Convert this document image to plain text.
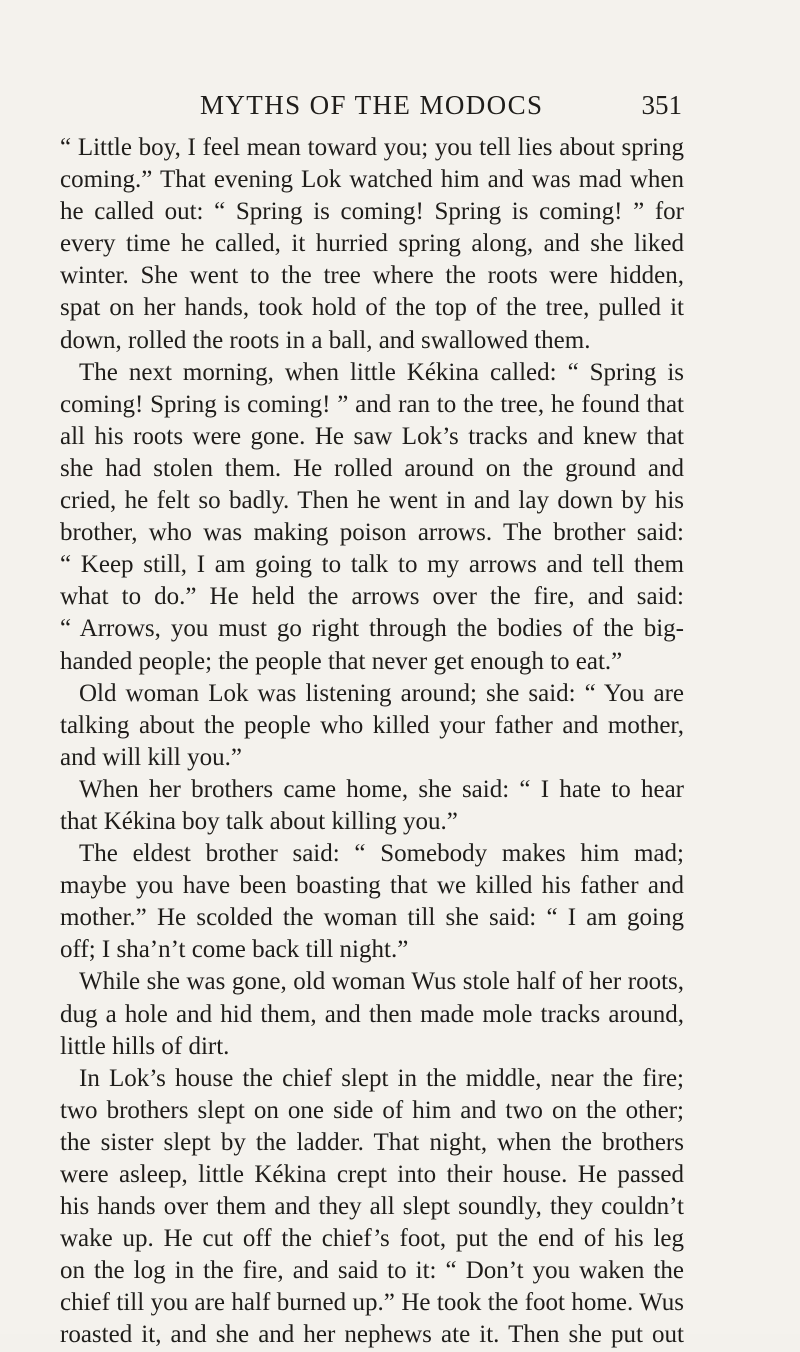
MYTHS OF THE MODOCS	351
“ Little boy, I feel mean toward you; you tell lies about spring
coming.” That evening Lok watched him and was mad when
he called out: “ Spring is coming! Spring is coming! ” for
every time he called, it hurried spring along, and she liked
winter. She went to the tree where the roots were hidden,
spat on her hands, took hold of the top of the tree, pulled it
down, rolled the roots in a ball, and swallowed them.
The next morning, when little Kékina called: “ Spring is
coming! Spring is coming! ” and ran to the tree, he found that
all his roots were gone. He saw Lok’s tracks and knew that
she had stolen them. He rolled around on the ground and
cried, he felt so badly. Then he went in and lay down by his
brother, who was making poison arrows. The brother said:
“ Keep still, I am going to talk to my arrows and tell them
what to do.” He held the arrows over the fire, and said:
“ Arrows, you must go right through the bodies of the big-
handed people; the people that never get enough to eat.”
Old woman Lok was listening around; she said: “ You are
talking about the people who killed your father and mother,
and will kill you.”
When her brothers came home, she said: “ I hate to hear
that Kékina boy talk about killing you.”
The eldest brother said: “ Somebody makes him mad;
maybe you have been boasting that we killed his father and
mother.” He scolded the woman till she said: “ I am going
off; I sha’n’t come back till night.”
While she was gone, old woman Wus stole half of her roots,
dug a hole and hid them, and then made mole tracks around,
little hills of dirt.
In Lok’s house the chief slept in the middle, near the fire;
two brothers slept on one side of him and two on the other;
the sister slept by the ladder. That night, when the brothers
were asleep, little Kékina crept into their house. He passed
his hands over them and they all slept soundly, they couldn’t
wake up. He cut off the chief’s foot, put the end of his leg
on the log in the fire, and said to it: “ Don’t you waken the
chief till you are half burned up.” He took the foot home. Wus
roasted it, and she and her nephews ate it. Then she put out
